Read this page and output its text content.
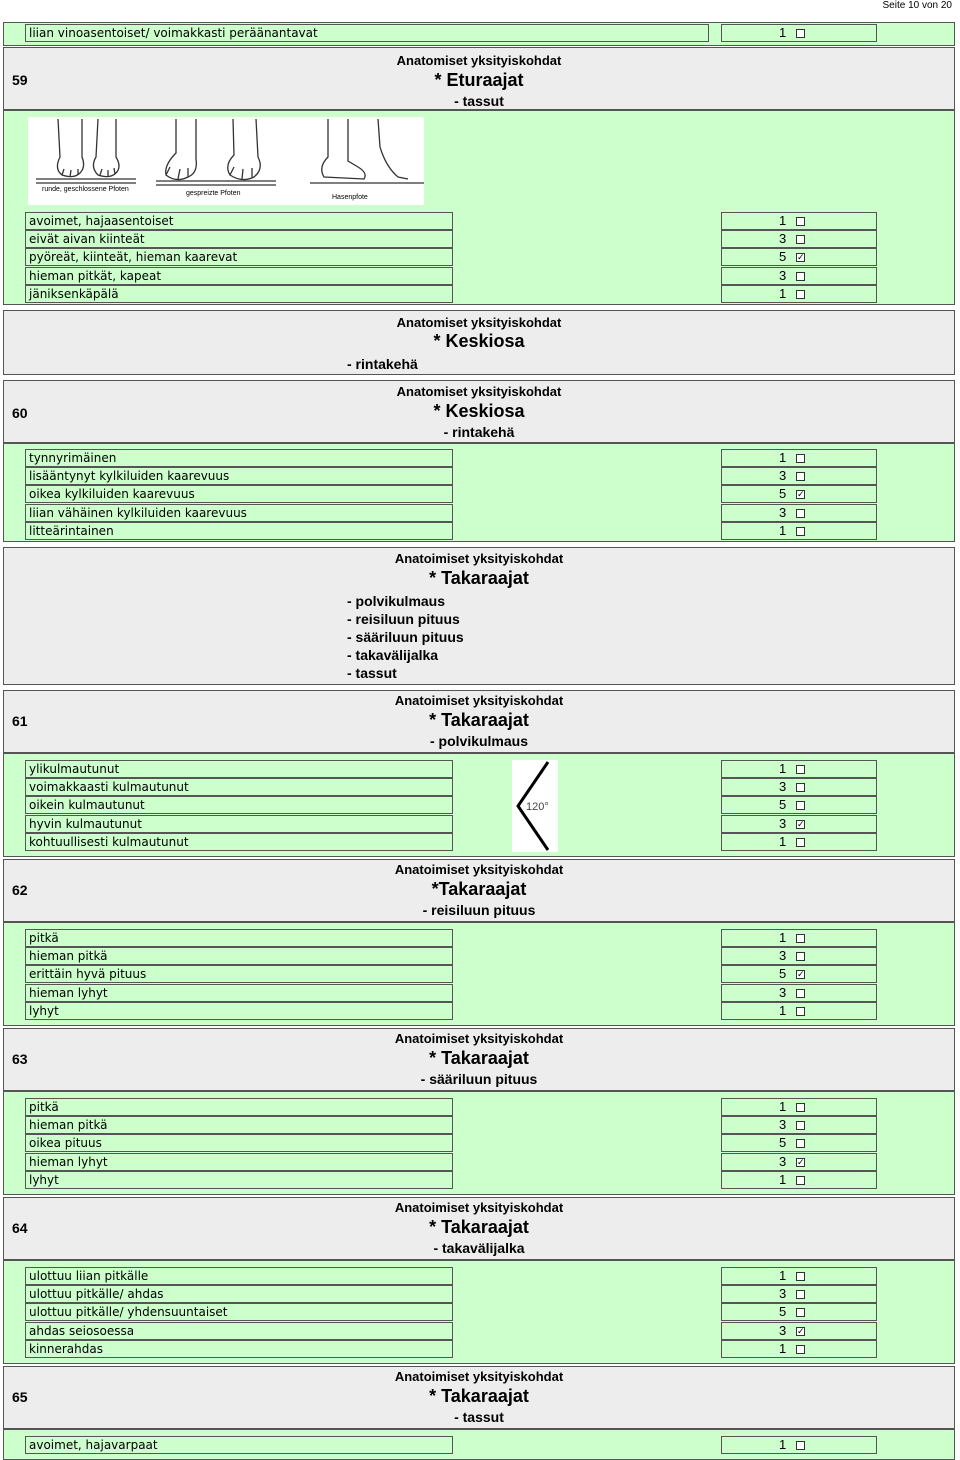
Seite 10 von 20
liian vinoasentoiset/ voimakkasti peräänantavat	1
59
Anatomiset yksityiskohdat
* Eturaajat
- tassut
runde, geschlossene Pfoten
gespreizte Pfoten
Hasenpfote
avoimet, hajaasentoiset	1
eivät aivan kiinteät	3
pyöreät, kiinteät, hieman kaarevat	5 ✓
hieman pitkät, kapeat	3
jäniksenkäpälä	1
Anatomiset yksityiskohdat
* Keskiosa
- rintakehä
60
Anatomiset yksityiskohdat
* Keskiosa
- rintakehä
tynnyrimäinen	1
lisääntynyt kylkiluiden kaarevuus	3
oikea kylkiluiden kaarevuus	5 ✓
liian vähäinen kylkiluiden kaarevuus	3
litteärintainen	1
Anatoimiset yksityiskohdat
* Takaraajat
- polvikulmaus
- reisiluun pituus
- sääriluun pituus
- takavälijalka
- tassut
61
Anatoimiset yksityiskohdat
* Takaraajat
- polvikulmaus
120°
ylikulmautunut	1
voimakkaasti kulmautunut	3
oikein kulmautunut	5
hyvin kulmautunut	3 ✓
kohtuullisesti kulmautunut	1
62
Anatoimiset yksityiskohdat
*Takaraajat
- reisiluun pituus
pitkä	1
hieman pitkä	3
erittäin hyvä pituus	5 ✓
hieman lyhyt	3
lyhyt	1
63
Anatoimiset yksityiskohdat
* Takaraajat
- sääriluun pituus
pitkä	1
hieman pitkä	3
oikea pituus	5
hieman lyhyt	3 ✓
lyhyt	1
64
Anatoimiset yksityiskohdat
* Takaraajat
- takavälijalka
ulottuu liian pitkälle	1
ulottuu pitkälle/ ahdas	3
ulottuu pitkälle/ yhdensuuntaiset	5
ahdas seiosoessa	3 ✓
kinnerahdas	1
65
Anatoimiset yksityiskohdat
* Takaraajat
- tassut
avoimet, hajavarpaat	1
